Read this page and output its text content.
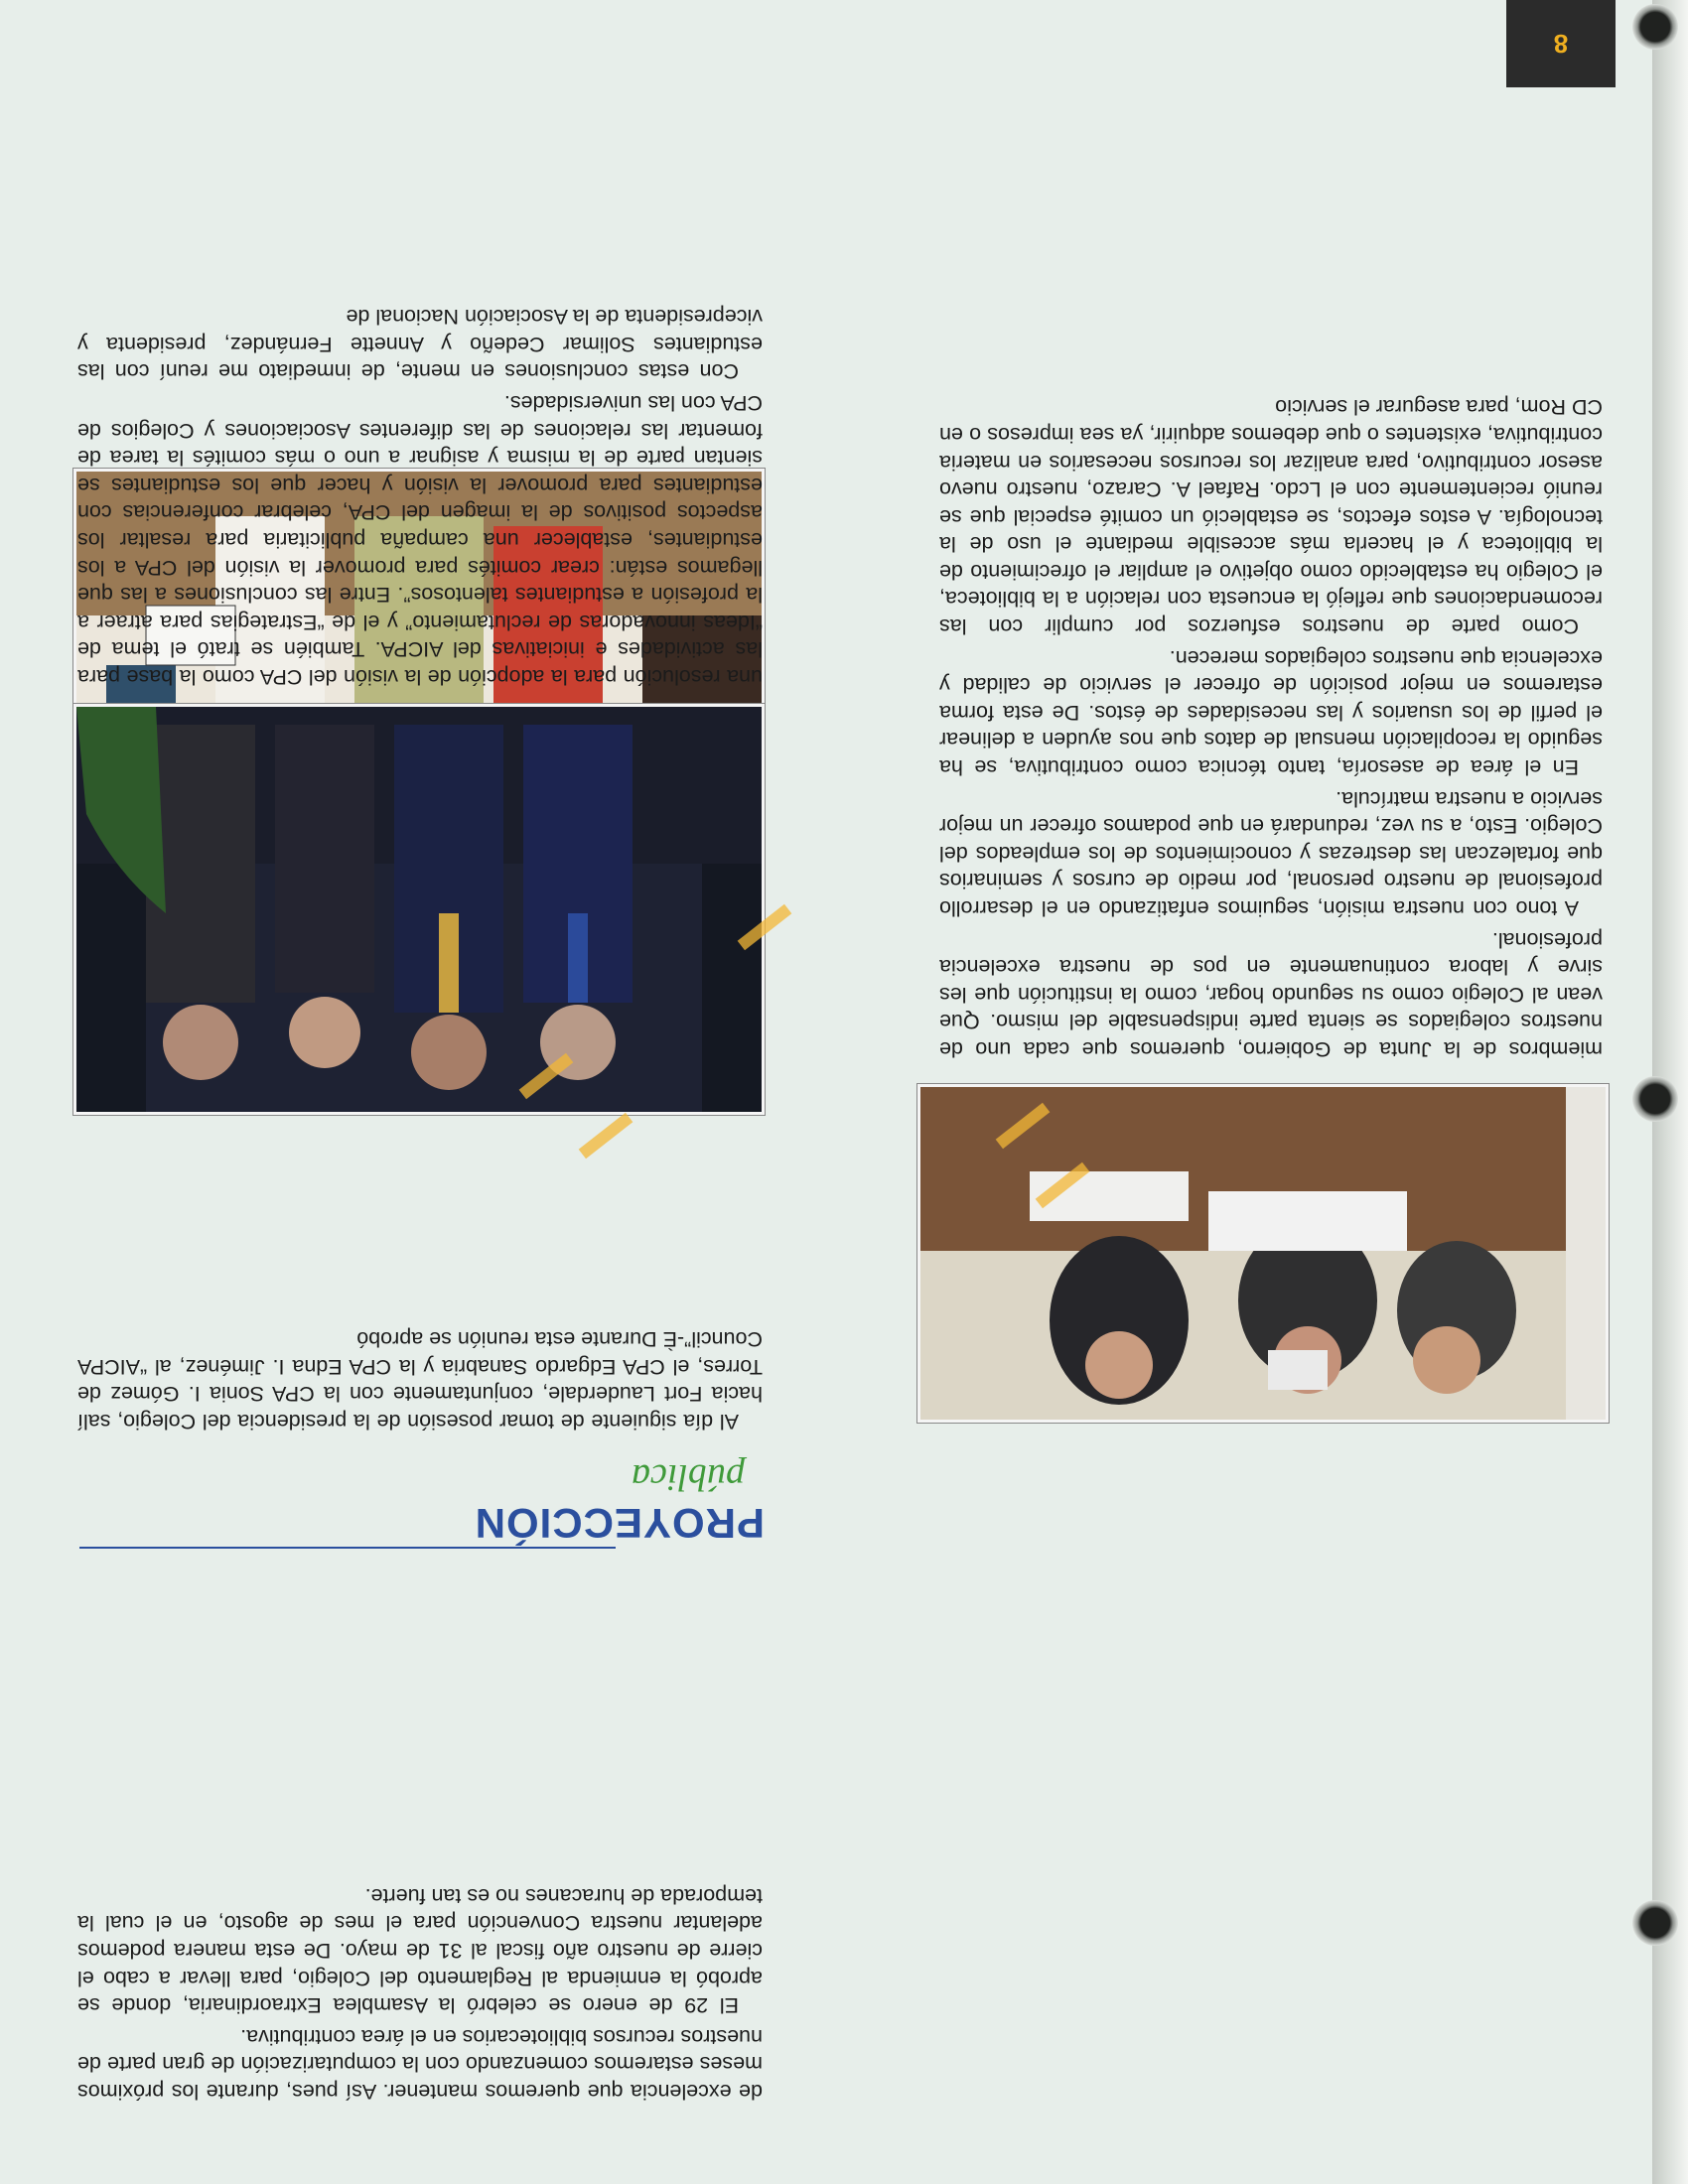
miembros de la Junta de Gobierno, queremos que cada uno de nuestros colegiados se sienta parte indispensable del mismo. Que vean al Colegio como su segundo hogar, como la institución que les sirve y labora continuamente en pos de nuestra excelencia profesional.

A tono con nuestra misión, seguimos enfatizando en el desarrollo profesional de nuestro personal, por medio de cursos y seminarios que fortalezcan las destrezas y conocimientos de los empleados del Colegio. Esto, a su vez, redundará en que podamos ofrecer un mejor servicio a nuestra matrícula.

En el área de asesoría, tanto técnica como contributiva, se ha seguido la recopilación mensual de datos que nos ayuden a delinear el perfil de los usuarios y las necesidades de éstos. De esta forma estaremos en mejor posición de ofrecer el servicio de calidad y excelencia que nuestros colegiados merecen.

Como parte de nuestros esfuerzos por cumplir con las recomendaciones que reflejó la encuesta con relación a la biblioteca, el Colegio ha establecido como objetivo el ampliar el ofrecimiento de la biblioteca y el hacerla más accesible mediante el uso de la tecnología. A estos efectos, se estableció un comité especial que se reunió recientemente con el Lcdo. Rafael A. Carazo, nuestro nuevo asesor contributivo, para analizar los recursos necesarios en materia contributiva, existentes o que debemos adquirir, ya sea impresos o en CD Rom, para asegurar el servicio

de excelencia que queremos mantener. Así pues, durante los próximos meses estaremos comenzando con la computarización de gran parte de nuestros recursos bibliotecarios en el área contributiva.

El 29 de enero se celebró la Asamblea Extraordinaria, donde se aprobó la enmienda al Reglamento del Colegio, para llevar a cabo el cierre de nuestro año fiscal al 31 de mayo. De esta manera podemos adelantar nuestra Convención para el mes de agosto, en el cual la temporada de huracanes no es tan fuerte.

PROYECCIÓN
pública

Al día siguiente de tomar posesión de la presidencia del Colegio, salí hacia Fort Lauderdale, conjuntamente con la CPA Sonia I. Gómez de Torres, el CPA Edgardo Sanabria y la CPA Edna I. Jiménez, al “AICPA Council”-È Durante esta reunión se aprobó

una resolución para la adopción de la visión del CPA como la base para las actividades e iniciativas del AICPA. También se trató el tema de “Ideas innovadoras de reclutamiento” y el de “Estrategias para atraer a la profesión a estudiantes talentosos”. Entre las conclusiones a las que llegamos están: crear comités para promover la visión del CPA a los estudiantes, establecer una campaña publicitaria para resaltar los aspectos positivos de la imagen del CPA, celebrar conferencias con estudiantes para promover la visión y hacer que los estudiantes se sientan parte de la misma y asignar a uno o más comités la tarea de fomentar las relaciones de las diferentes Asociaciones y Colegios de CPA con las universidades.

Con estas conclusiones en mente, de inmediato me reuní con las estudiantes Solimar Cedeño y Annette Fernández, presidenta y vicepresidenta de la Asociación Nacional de

8
